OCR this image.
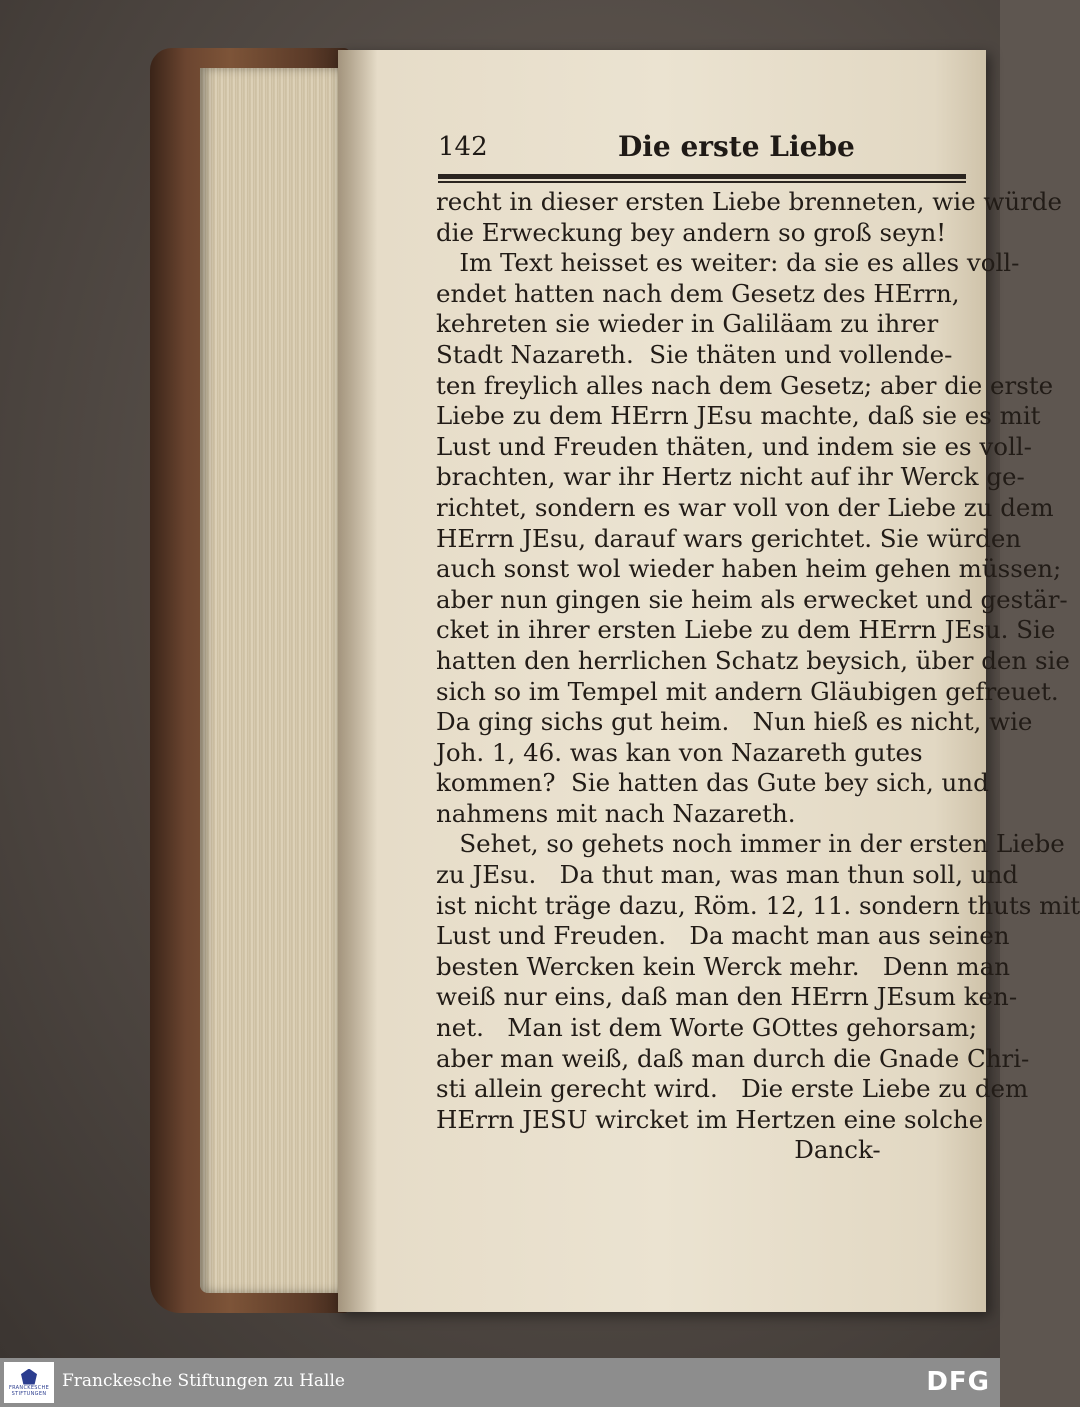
142	Die erste Liebe
recht in dieser ersten Liebe brenneten, wie würde
die Erweckung bey andern so groß seyn!
Im Text heisset es weiter: da sie es alles voll-
endet hatten nach dem Gesetz des HErrn,
kehreten sie wieder in Galiläam zu ihrer
Stadt Nazareth.  Sie thäten und vollende-
ten freylich alles nach dem Gesetz; aber die erste
Liebe zu dem HErrn JEsu machte, daß sie es mit
Lust und Freuden thäten, und indem sie es voll-
brachten, war ihr Hertz nicht auf ihr Werck ge-
richtet, sondern es war voll von der Liebe zu dem
HErrn JEsu, darauf wars gerichtet. Sie würden
auch sonst wol wieder haben heim gehen müssen;
aber nun gingen sie heim als erwecket und gestär-
cket in ihrer ersten Liebe zu dem HErrn JEsu. Sie
hatten den herrlichen Schatz beysich, über den sie
sich so im Tempel mit andern Gläubigen gefreuet.
Da ging sichs gut heim.   Nun hieß es nicht, wie
Joh. 1, 46. was kan von Nazareth gutes
kommen?  Sie hatten das Gute bey sich, und
nahmens mit nach Nazareth.
Sehet, so gehets noch immer in der ersten Liebe
zu JEsu.   Da thut man, was man thun soll, und
ist nicht träge dazu, Röm. 12, 11. sondern thuts mit
Lust und Freuden.   Da macht man aus seinen
besten Wercken kein Werck mehr.   Denn man
weiß nur eins, daß man den HErrn JEsum ken-
net.   Man ist dem Worte GOttes gehorsam;
aber man weiß, daß man durch die Gnade Chri-
sti allein gerecht wird.   Die erste Liebe zu dem
HErrn JESU wircket im Hertzen eine solche
Danck-
FRANCKESCHE STIFTUNGEN
Franckesche Stiftungen zu Halle	DFG
